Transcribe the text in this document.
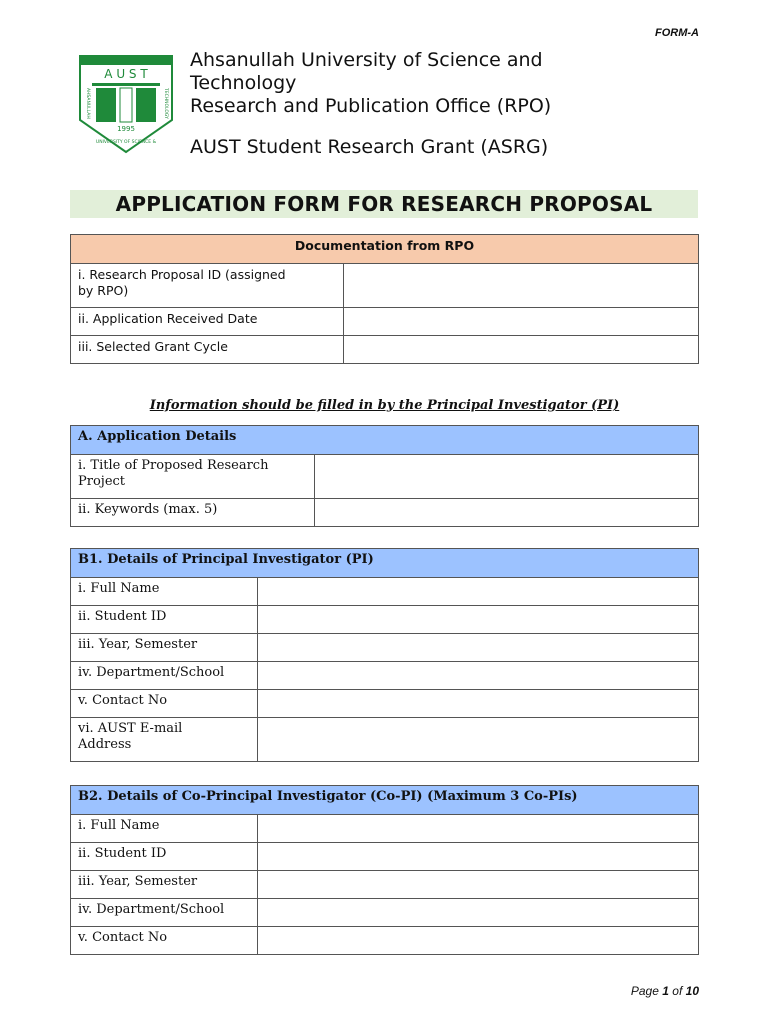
FORM-A
A U S T
1995
UNIVERSITY OF SCIENCE &
AHSANULLAH	TECHNOLOGY
Ahsanullah University of Science and
Technology
Research and Publication Office (RPO)
AUST Student Research Grant (ASRG)
APPLICATION FORM FOR RESEARCH PROPOSAL
Documentation from RPO	

i. Research Proposal ID (assigned
by RPO)	

ii. Application Received Date	
iii. Selected Grant Cycle	
Information should be filled in by the Principal Investigator (PI)
A. Application Details	

i. Title of Proposed Research
Project	

ii. Keywords (max. 5)	
B1. Details of Principal Investigator (PI)	
i. Full Name	
ii. Student ID	
iii. Year, Semester	
iv. Department/School	
v. Contact No	

vi. AUST E-mail
Address	

B2. Details of Co-Principal Investigator (Co-PI) (Maximum 3 Co-PIs)	
i. Full Name	
ii. Student ID	
iii. Year, Semester	
iv. Department/School	
v. Contact No	
Page 1 of 10
